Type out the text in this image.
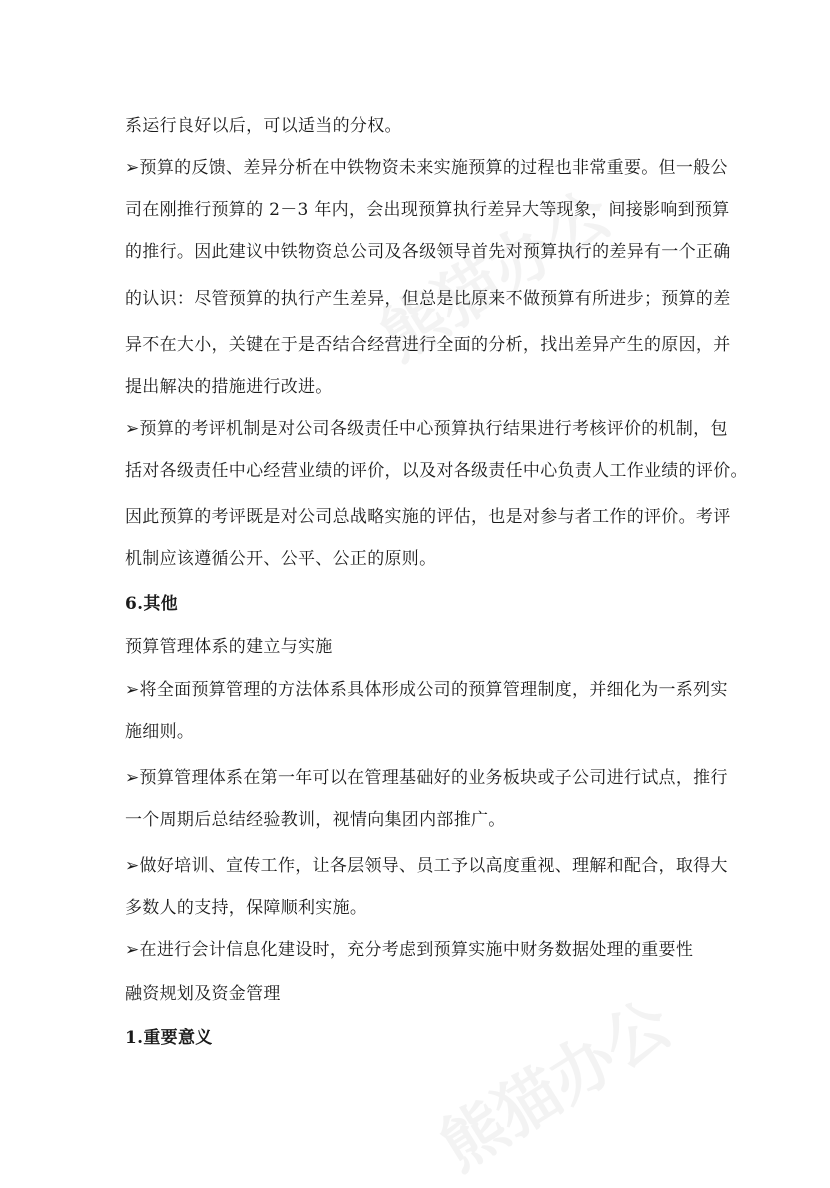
系运行良好以后，可以适当的分权。
➢预算的反馈、差异分析在中铁物资未来实施预算的过程也非常重要。但一般公
司在刚推行预算的 2－3 年内，会出现预算执行差异大等现象，间接影响到预算
的推行。因此建议中铁物资总公司及各级领导首先对预算执行的差异有一个正确
的认识：尽管预算的执行产生差异，但总是比原来不做预算有所进步；预算的差
异不在大小，关键在于是否结合经营进行全面的分析，找出差异产生的原因，并
提出解决的措施进行改进。
➢预算的考评机制是对公司各级责任中心预算执行结果进行考核评价的机制，包
括对各级责任中心经营业绩的评价，以及对各级责任中心负责人工作业绩的评价。
因此预算的考评既是对公司总战略实施的评估，也是对参与者工作的评价。考评
机制应该遵循公开、公平、公正的原则。
6.其他
预算管理体系的建立与实施
➢将全面预算管理的方法体系具体形成公司的预算管理制度，并细化为一系列实
施细则。
➢预算管理体系在第一年可以在管理基础好的业务板块或子公司进行试点，推行
一个周期后总结经验教训，视情向集团内部推广。
➢做好培训、宣传工作，让各层领导、员工予以高度重视、理解和配合，取得大
多数人的支持，保障顺利实施。
➢在进行会计信息化建设时，充分考虑到预算实施中财务数据处理的重要性
融资规划及资金管理
1.重要意义
